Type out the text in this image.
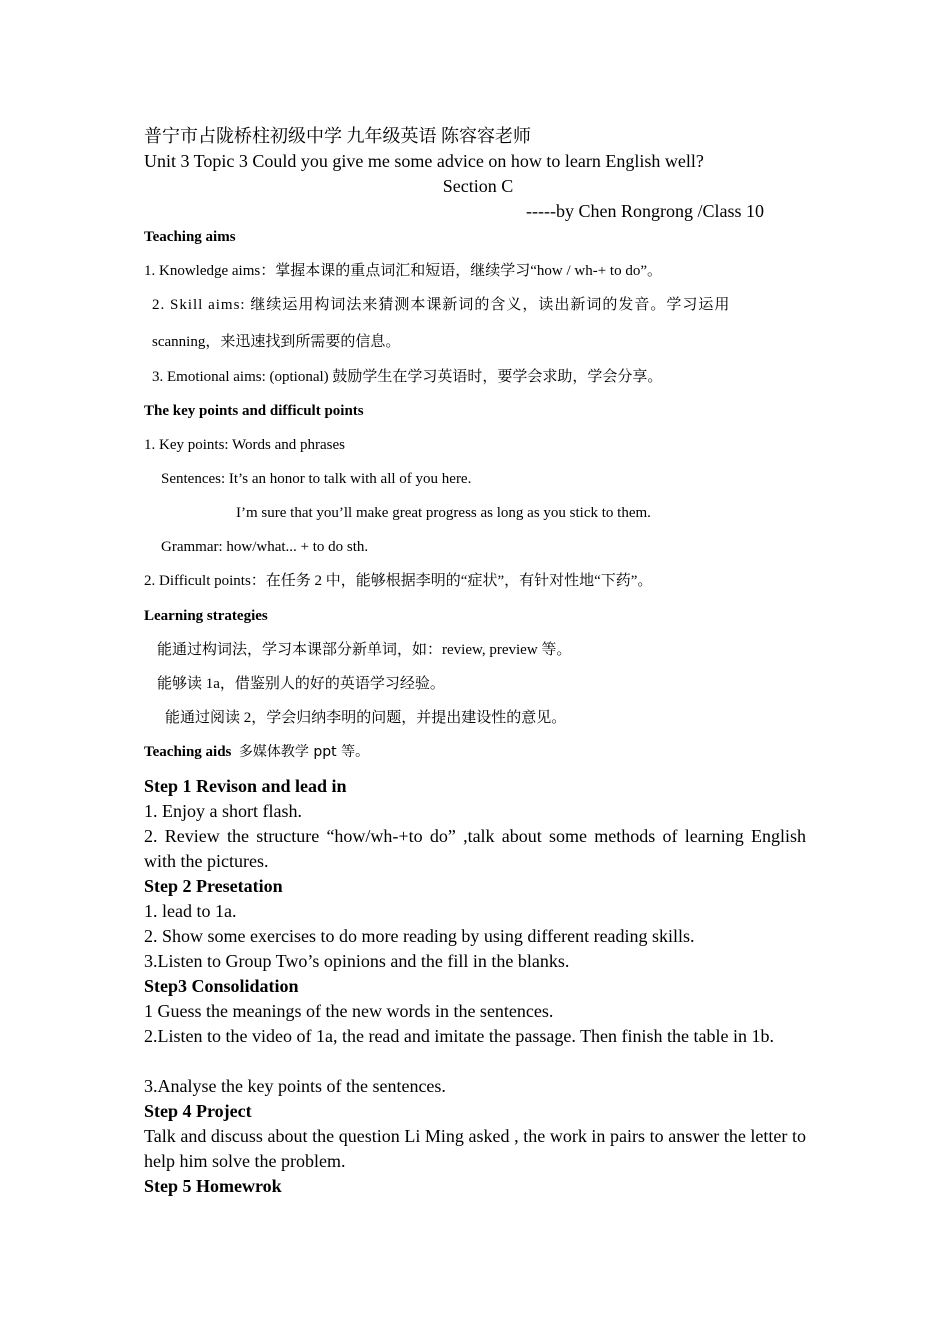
普宁市占陇桥柱初级中学 九年级英语 陈容容老师

Unit 3 Topic 3 Could you give me some advice on how to learn English well?

Section C

-----by Chen Rongrong /Class 10

Teaching aims

1. Knowledge aims：掌握本课的重点词汇和短语，继续学习“how / wh-+ to do”。

2. Skill aims: 继续运用构词法来猜测本课新词的含义，读出新词的发音。学习运用

scanning，来迅速找到所需要的信息。

3. Emotional aims: (optional) 鼓励学生在学习英语时，要学会求助，学会分享。

The key points and difficult points

1. Key points: Words and phrases

Sentences: It’s an honor to talk with all of you here.

I’m sure that you’ll make great progress as long as you stick to them.

Grammar: how/what... + to do sth.

2. Difficult points：在任务 2 中，能够根据李明的“症状”，有针对性地“下药”。

Learning strategies

能通过构词法，学习本课部分新单词，如：review, preview 等。

能够读 1a，借鉴别人的好的英语学习经验。

能通过阅读 2，学会归纳李明的问题，并提出建设性的意见。

Teaching aids 多媒体教学 ppt 等。

Step 1 Revison and lead in

1. Enjoy a short flash.

2. Review the structure “how/wh-+to do” ,talk about some methods of learning English with the pictures.

Step 2 Presetation

1. lead to 1a.

2. Show some exercises to do more reading by using different reading skills.

3.Listen to Group Two’s opinions and the fill in the blanks.

Step3 Consolidation

1 Guess the meanings of the new words in the sentences.

2.Listen to the video of 1a, the read and imitate the passage. Then finish the table in 1b.

3.Analyse the key points of the sentences.

Step 4 Project

Talk and discuss about the question Li Ming asked , the work in pairs to answer the letter to help him solve the problem.

Step 5 Homewrok
